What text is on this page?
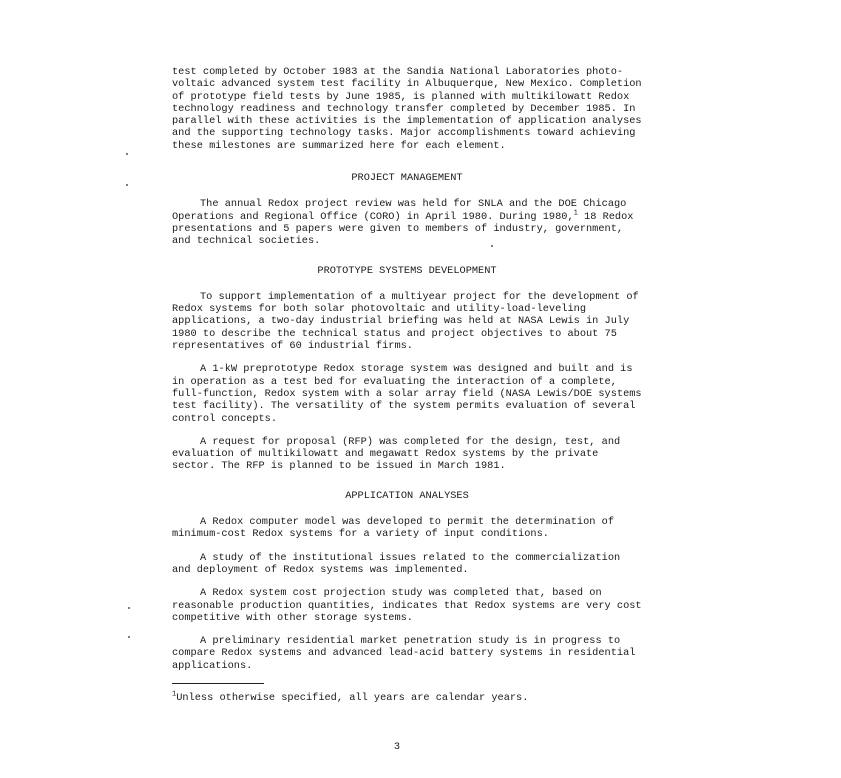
test completed by October 1983 at the Sandia National Laboratories photo-voltaic advanced system test facility in Albuquerque, New Mexico. Completion of prototype field tests by June 1985, is planned with multikilowatt Redox technology readiness and technology transfer completed by December 1985. In parallel with these activities is the implementation of application analyses and the supporting technology tasks. Major accomplishments toward achieving these milestones are summarized here for each element.

PROJECT MANAGEMENT

The annual Redox project review was held for SNLA and the DOE Chicago Operations and Regional Office (CORO) in April 1980. During 1980,$^1$ 18 Redox presentations and 5 papers were given to members of industry, government, and technical societies.

PROTOTYPE SYSTEMS DEVELOPMENT

To support implementation of a multiyear project for the development of Redox systems for both solar photovoltaic and utility-load-leveling applications, a two-day industrial briefing was held at NASA Lewis in July 1980 to describe the technical status and project objectives to about 75 representatives of 60 industrial firms.

A 1-kW preprototype Redox storage system was designed and built and is in operation as a test bed for evaluating the interaction of a complete, full-function, Redox system with a solar array field (NASA Lewis/DOE systems test facility). The versatility of the system permits evaluation of several control concepts.

A request for proposal (RFP) was completed for the design, test, and evaluation of multikilowatt and megawatt Redox systems by the private sector. The RFP is planned to be issued in March 1981.

APPLICATION ANALYSES

A Redox computer model was developed to permit the determination of minimum-cost Redox systems for a variety of input conditions.

A study of the institutional issues related to the commercialization and deployment of Redox systems was implemented.

A Redox system cost projection study was completed that, based on reasonable production quantities, indicates that Redox systems are very cost competitive with other storage systems.

A preliminary residential market penetration study is in progress to compare Redox systems and advanced lead-acid battery systems in residential applications.

$^1$Unless otherwise specified, all years are calendar years.

3
